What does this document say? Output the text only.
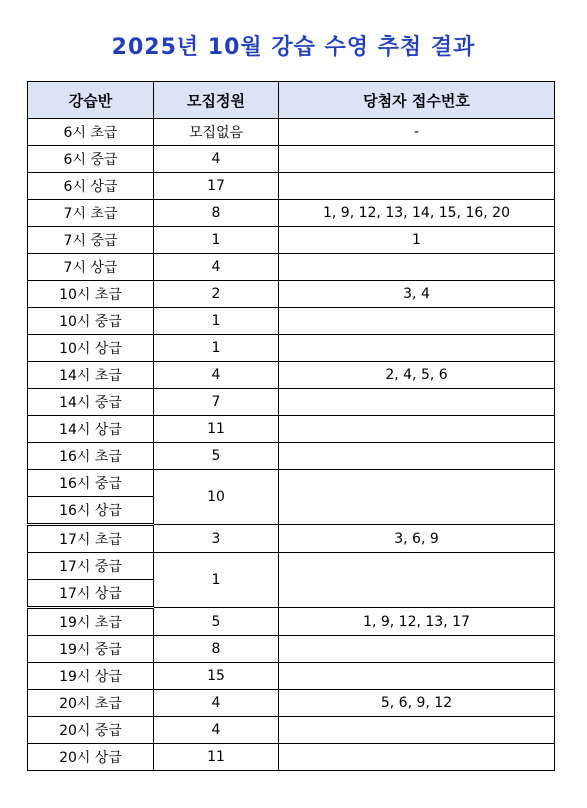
2025년 10월 강습 수영 추첨 결과
강습반	모집정원	당첨자 접수번호
6시 초급	모집없음	-
6시 중급	4	
6시 상급	17	
7시 초급	8	1, 9, 12, 13, 14, 15, 16, 20
7시 중급	1	1
7시 상급	4	
10시 초급	2	3, 4
10시 중급	1	
10시 상급	1	
14시 초급	4	2, 4, 5, 6
14시 중급	7	
14시 상급	11	
16시 초급	5	
16시 중급	10	
16시 상급		
17시 초급	3	3, 6, 9
17시 중급	1	
17시 상급		
19시 초급	5	1, 9, 12, 13, 17
19시 중급	8	
19시 상급	15	
20시 초급	4	5, 6, 9, 12
20시 중급	4	
20시 상급	11	
